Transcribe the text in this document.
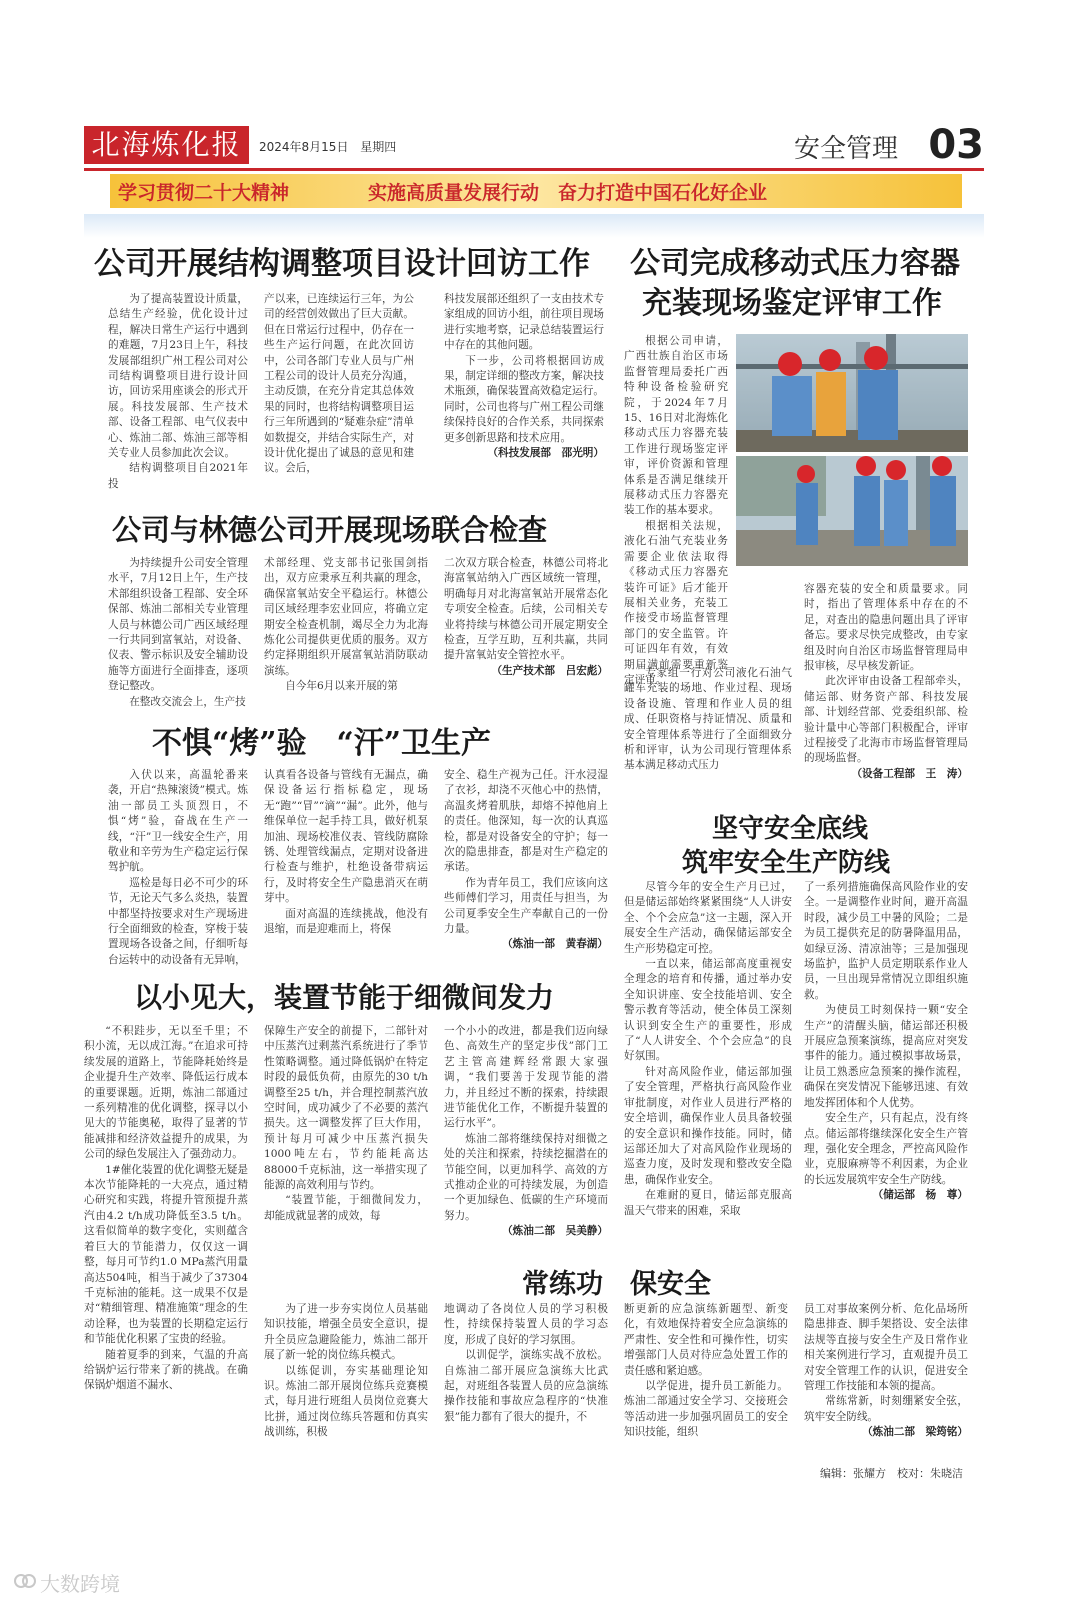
北海炼化报	2024年8月15日 星期四	安全管理 03
学习贯彻二十大精神	实施高质量发展行动　奋力打造中国石化好企业
公司开展结构调整项目设计回访工作

为了提高装置设计质量，总结生产经验，优化设计过程，解决日常生产运行中遇到的难题，7月23日上午，科技发展部组织广州工程公司对公司结构调整项目进行设计回访，回访采用座谈会的形式开展。科技发展部、生产技术部、设备工程部、电气仪表中心、炼油二部、炼油三部等相关专业人员参加此次会议。

结构调整项目自2021年投

产以来，已连续运行三年，为公司的经营创效做出了巨大贡献。但在日常运行过程中，仍存在一些生产运行问题，在此次回访中，公司各部门专业人员与广州工程公司的设计人员充分沟通，主动反馈，在充分肯定其总体效果的同时，也将结构调整项目运行三年所遇到的“疑难杂症”清单如数提交，并结合实际生产，对设计优化提出了诚恳的意见和建议。会后，

科技发展部还组织了一支由技术专家组成的回访小组，前往项目现场进行实地考察，记录总结装置运行中存在的其他问题。

下一步，公司将根据回访成果，制定详细的整改方案，解决技术瓶颈，确保装置高效稳定运行。同时，公司也将与广州工程公司继续保持良好的合作关系，共同探索更多创新思路和技术应用。

（科技发展部　邵光明）

公司完成移动式压力容器
充装现场鉴定评审工作

根据公司申请，广西壮族自治区市场监督管理局委托广西特种设备检验研究院，于2024年7月15、16日对北海炼化移动式压力容器充装工作进行现场鉴定评审，评价资源和管理体系是否满足继续开展移动式压力容器充装工作的基本要求。

根据相关法规，液化石油气充装业务需要企业依法取得《移动式压力容器充装许可证》后才能开展相关业务，充装工作接受市场监督管理部门的安全监管。许可证四年有效，有效期届满前需要重新鉴定评审。

专家组一行对公司液化石油气罐车充装的场地、作业过程、现场设备设施、管理和作业人员的组成、任职资格与持证情况、质量和安全管理体系等进行了全面细致分析和评审，认为公司现行管理体系基本满足移动式压力

容器充装的安全和质量要求。同时，指出了管理体系中存在的不足，对查出的隐患问题出具了评审备忘。要求尽快完成整改，由专家组及时向自治区市场监督管理局申报审核，尽早核发新证。

此次评审由设备工程部牵头，储运部、财务资产部、科技发展部、计划经营部、党委组织部、检验计量中心等部门积极配合，评审过程接受了北海市市场监督管理局的现场监督。

（设备工程部　王　涛）

公司与林德公司开展现场联合检查

为持续提升公司安全管理水平，7月12日上午，生产技术部组织设备工程部、安全环保部、炼油二部相关专业管理人员与林德公司广西区域经理一行共同到富氧站，对设备、仪表、警示标识及安全辅助设施等方面进行全面排查，逐项登记整改。

在整改交流会上，生产技

术部经理、党支部书记张国剑指出，双方应秉承互利共赢的理念，确保富氧站安全平稳运行。林德公司区域经理李宏业回应，将确立定期安全检查机制，竭尽全力为北海炼化公司提供更优质的服务。双方约定择期组织开展富氧站消防联动演练。

自今年6月以来开展的第

二次双方联合检查，林德公司将北海富氧站纳入广西区域统一管理，明确每月对北海富氧站开展常态化专项安全检查。后续，公司相关专业将持续与林德公司开展定期安全检查，互学互助，互利共赢，共同提升富氧站安全管控水平。

（生产技术部　吕宏彪）

不惧“烤”验　“汗”卫生产

入伏以来，高温轮番来袭，开启“热辣滚烫”模式。炼油一部员工头顶烈日，不惧“烤”验，奋战在生产一线，“汗”卫一线安全生产，用敬业和辛劳为生产稳定运行保驾护航。

巡检是每日必不可少的环节，无论天气多么炎热，装置中都坚持按要求对生产现场进行全面细致的检查，穿梭于装置现场各设备之间，仔细听每台运转中的动设备有无异响，

认真看各设备与管线有无漏点，确保设备运行指标稳定，现场无“跑”“冒”“滴”“漏”。此外，他与维保单位一起手持工具，做好机泵加油、现场校准仪表、管线防腐除锈、处理管线漏点，定期对设备进行检查与维护，杜绝设备带病运行，及时将安全生产隐患消灭在萌芽中。

面对高温的连续挑战，他没有退缩，而是迎难而上，将保

安全、稳生产视为己任。汗水浸湿了衣衫，却浇不灭他心中的热情，高温炙烤着肌肤，却熔不掉他肩上的责任。他深知，每一次的认真巡检，都是对设备安全的守护；每一次的隐患排查，都是对生产稳定的承诺。

作为青年员工，我们应该向这些师傅们学习，用责任与担当，为公司夏季安全生产奉献自己的一份力量。

（炼油一部　黄春湖）

坚守安全底线
筑牢安全生产防线

尽管今年的安全生产月已过，但是储运部始终紧紧围绕“人人讲安全、个个会应急”这一主题，深入开展安全生产活动，确保储运部安全生产形势稳定可控。

一直以来，储运部高度重视安全理念的培育和传播，通过举办安全知识讲座、安全技能培训、安全警示教育等活动，使全体员工深刻认识到安全生产的重要性，形成了“人人讲安全、个个会应急”的良好氛围。

针对高风险作业，储运部加强了安全管理，严格执行高风险作业审批制度，对作业人员进行严格的安全培训，确保作业人员具备较强的安全意识和操作技能。同时，储运部还加大了对高风险作业现场的巡查力度，及时发现和整改安全隐患，确保作业安全。

在难耐的夏日，储运部克服高温天气带来的困难，采取

了一系列措施确保高风险作业的安全。一是调整作业时间，避开高温时段，减少员工中暑的风险；二是为员工提供充足的防暑降温用品，如绿豆汤、清凉油等；三是加强现场监护，监护人员定期联系作业人员，一旦出现异常情况立即组织施救。

为使员工时刻保持一颗“安全生产”的清醒头脑，储运部还积极开展应急预案演练，提高应对突发事件的能力。通过模拟事故场景，让员工熟悉应急预案的操作流程，确保在突发情况下能够迅速、有效地发挥团体和个人优势。

安全生产，只有起点，没有终点。储运部将继续深化安全生产管理，强化安全理念，严控高风险作业，克服麻痹等不利因素，为企业的长远发展筑牢安全生产防线。

（储运部　杨　尊）

以小见大，装置节能于细微间发力

“不积跬步，无以至千里；不积小流，无以成江海。”在追求可持续发展的道路上，节能降耗始终是企业提升生产效率、降低运行成本的重要课题。近期，炼油二部通过一系列精准的优化调整，探寻以小见大的节能奥秘，取得了显著的节能减排和经济效益提升的成果，为公司的绿色发展注入了强劲动力。

1#催化装置的优化调整无疑是本次节能降耗的一大亮点，通过精心研究和实践，将提升管预提升蒸汽由4.2 t/h成功降低至3.5 t/h。这看似简单的数字变化，实则蕴含着巨大的节能潜力，仅仅这一调整，每月可节约1.0 MPa蒸汽用量高达504吨，相当于减少了37304千克标油的能耗。这一成果不仅是对“精细管理、精准施策”理念的生动诠释，也为装置的长期稳定运行和节能优化积累了宝贵的经验。

随着夏季的到来，气温的升高给锅炉运行带来了新的挑战。在确保锅炉烟道不漏水、

保障生产安全的前提下，二部针对中压蒸汽过剩蒸汽系统进行了季节性策略调整。通过降低锅炉在特定时段的最低负荷，由原先的30 t/h调整至25 t/h，并合理控制蒸汽放空时间，成功减少了不必要的蒸汽损失。这一调整发挥了巨大作用，预计每月可减少中压蒸汽损失1000吨左右，节约能耗高达88000千克标油，这一举措实现了能源的高效利用与节约。

“装置节能，于细微间发力，却能成就显著的成效，每

一个小小的改进，都是我们迈向绿色、高效生产的坚定步伐”部门工艺主管高建辉经常跟大家强调，“我们要善于发现节能的潜力，并且经过不断的探索，持续跟进节能优化工作，不断提升装置的运行水平”。

炼油二部将继续保持对细微之处的关注和探索，持续挖掘潜在的节能空间，以更加科学、高效的方式推动企业的可持续发展，为创造一个更加绿色、低碳的生产环境而努力。

（炼油二部　吴美静）

常练功　保安全

为了进一步夯实岗位人员基础知识技能，增强全员安全意识，提升全员应急避险能力，炼油二部开展了新一轮的岗位练兵模式。

以练促训，夯实基础理论知识。炼油二部开展岗位练兵竞赛模式，每月进行班组人员岗位竞赛大比拼，通过岗位练兵答题和仿真实战训练，积极

地调动了各岗位人员的学习积极性，持续保持装置人员的学习态度，形成了良好的学习氛围。

以训促学，演练实战不放松。自炼油二部开展应急演练大比武起，对班组各装置人员的应急演练操作技能和事故应急程序的“快准狠”能力都有了很大的提升，不

断更新的应急演练新题型、新变化，有效地保持着安全应急演练的严肃性、安全性和可操作性，切实增强部门人员对待应急处置工作的责任感和紧迫感。

以学促进，提升员工新能力。炼油二部通过安全学习、交接班会等活动进一步加强巩固员工的安全知识技能，组织

员工对事故案例分析、危化品场所隐患排查、脚手架搭设、安全法律法规等直接与安全生产及日常作业相关案例进行学习，直观提升员工对安全管理工作的认识，促进安全管理工作技能和本领的提高。

常练常新，时刻绷紧安全弦，筑牢安全防线。

（炼油二部　梁筠铭）

编辑：张耀方　校对：朱晓洁
大数跨境
